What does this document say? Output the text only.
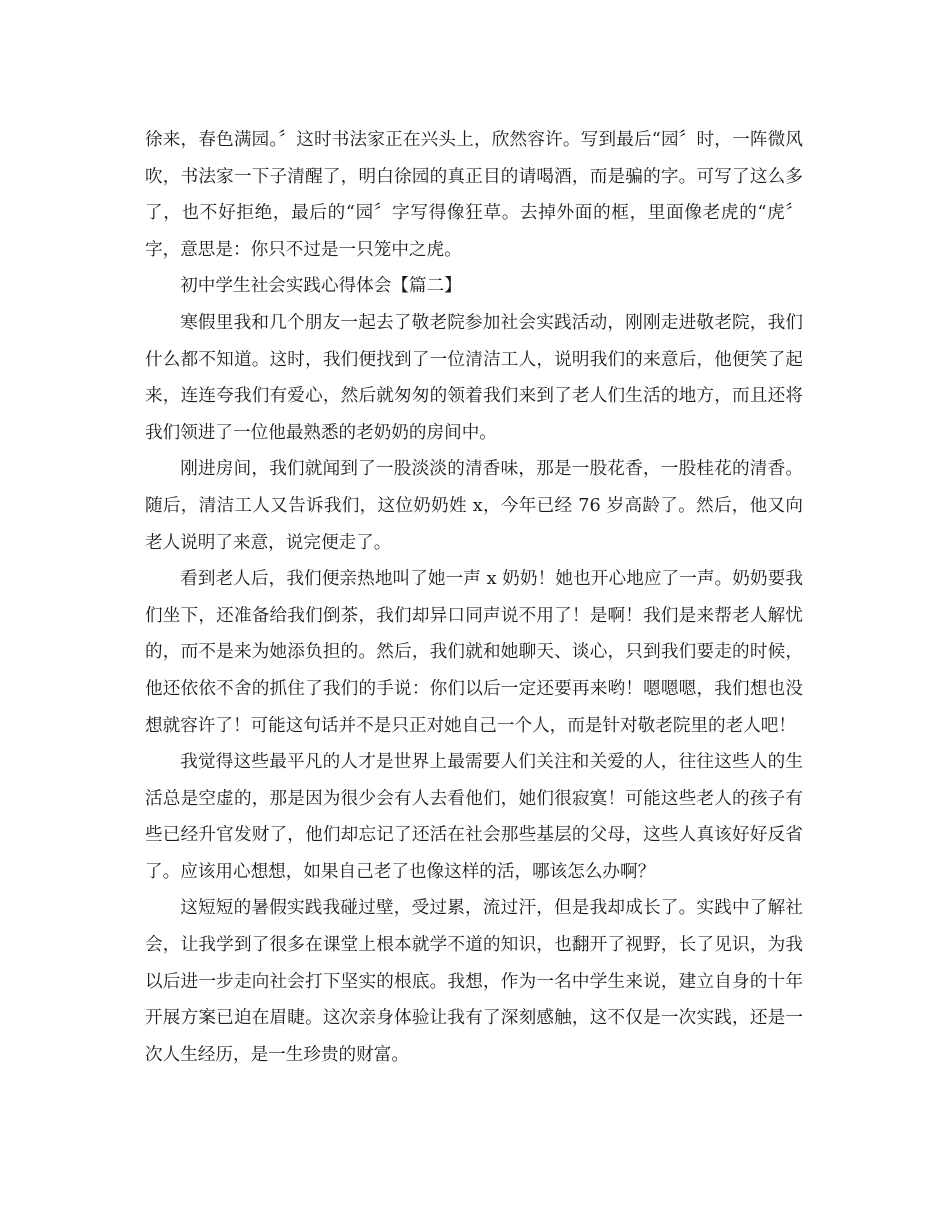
徐来，春色满园。〞这时书法家正在兴头上，欣然容许。写到最后“园〞时，一阵微风吹，书法家一下子清醒了，明白徐园的真正目的请喝酒，而是骗的字。可写了这么多了，也不好拒绝，最后的“园〞字写得像狂草。去掉外面的框，里面像老虎的“虎〞字，意思是：你只不过是一只笼中之虎。

初中学生社会实践心得体会【篇二】

寒假里我和几个朋友一起去了敬老院参加社会实践活动，刚刚走进敬老院，我们什么都不知道。这时，我们便找到了一位清洁工人，说明我们的来意后，他便笑了起来，连连夸我们有爱心，然后就匆匆的领着我们来到了老人们生活的地方，而且还将我们领进了一位他最熟悉的老奶奶的房间中。

刚进房间，我们就闻到了一股淡淡的清香味，那是一股花香，一股桂花的清香。随后，清洁工人又告诉我们，这位奶奶姓 x，今年已经 76 岁高龄了。然后，他又向老人说明了来意，说完便走了。

看到老人后，我们便亲热地叫了她一声 x 奶奶！她也开心地应了一声。奶奶要我们坐下，还准备给我们倒茶，我们却异口同声说不用了！是啊！我们是来帮老人解忧的，而不是来为她添负担的。然后，我们就和她聊天、谈心，只到我们要走的时候，他还依依不舍的抓住了我们的手说：你们以后一定还要再来哟！嗯嗯嗯，我们想也没想就容许了！可能这句话并不是只正对她自己一个人，而是针对敬老院里的老人吧！

我觉得这些最平凡的人才是世界上最需要人们关注和关爱的人，往往这些人的生活总是空虚的，那是因为很少会有人去看他们，她们很寂寞！可能这些老人的孩子有些已经升官发财了，他们却忘记了还活在社会那些基层的父母，这些人真该好好反省了。应该用心想想，如果自己老了也像这样的活，哪该怎么办啊？

这短短的暑假实践我碰过壁，受过累，流过汗，但是我却成长了。实践中了解社会，让我学到了很多在课堂上根本就学不道的知识，也翻开了视野，长了见识，为我以后进一步走向社会打下坚实的根底。我想，作为一名中学生来说，建立自身的十年开展方案已迫在眉睫。这次亲身体验让我有了深刻感触，这不仅是一次实践，还是一次人生经历，是一生珍贵的财富。
